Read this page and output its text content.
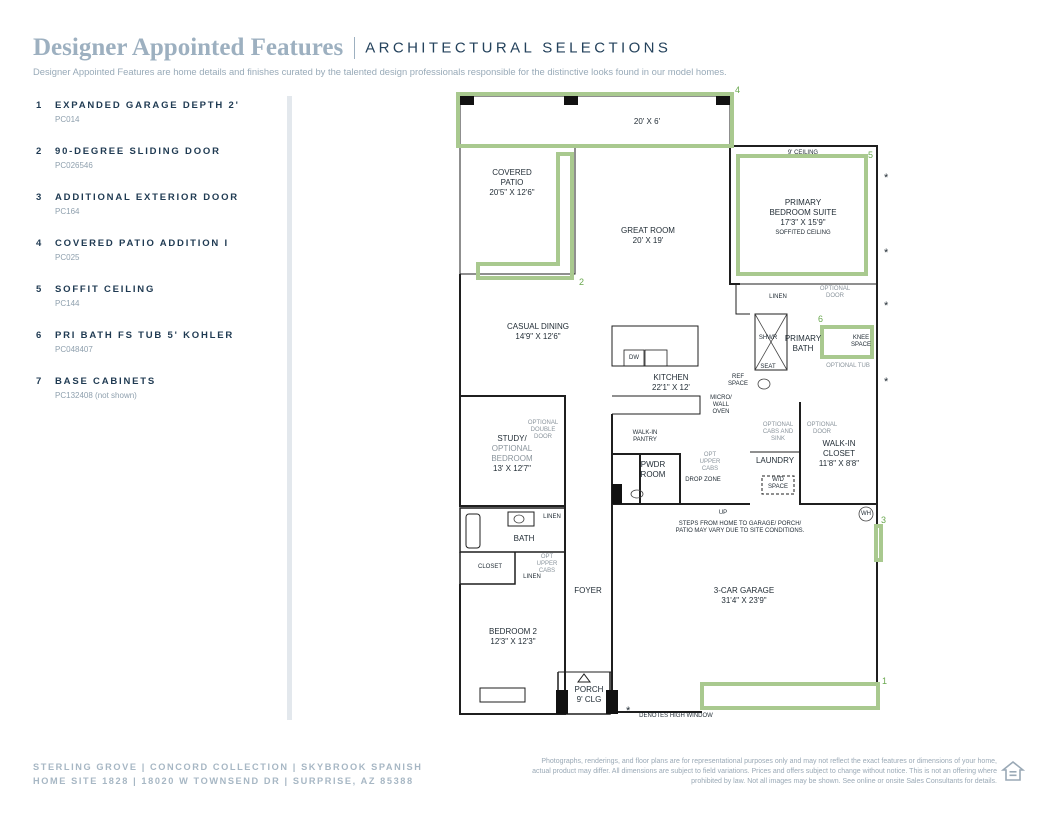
Designer Appointed Features ARCHITECTURAL SELECTIONS
Designer Appointed Features are home details and finishes curated by the talented design professionals responsible for the distinctive looks found in our model homes.
1	EXPANDED GARAGE DEPTH 2'
PC014
2	90-DEGREE SLIDING DOOR
PC026546
3	ADDITIONAL EXTERIOR DOOR
PC164
4	COVERED PATIO ADDITION I
PC025
5	SOFFIT CEILING
PC144
6	PRI BATH FS TUB 5' KOHLER
PC048407
7	BASE CABINETS
PC132408 (not shown)
20' X 6'
COVERED
PATIO
20'5" X 12'6"
GREAT ROOM
20' X 19'
9' CEILING
PRIMARY
BEDROOM SUITE
17'3" X 15'9"
SOFFITED CEILING
LINEN
OPTIONAL
DOOR
CASUAL DINING
14'9" X 12'6"
DW
SHWR
SEAT
PRIMARY
BATH
KNEE
SPACE
OPTIONAL TUB
KITCHEN
22'1" X 12'
REF
SPACE
MICRO/
WALL
OVEN
OPTIONAL
DOUBLE
DOOR
STUDY/
OPTIONAL
BEDROOM
13' X 12'7"
WALK-IN
PANTRY
OPTIONAL
CABS AND
SINK
OPTIONAL
DOOR
WALK-IN
CLOSET
11'8" X 8'8"
PWDR
ROOM
OPT
UPPER
CABS
DROP ZONE
LAUNDRY
W/D
SPACE
UP
STEPS FROM HOME TO GARAGE/ PORCH/
PATIO MAY VARY DUE TO SITE CONDITIONS.
WH
BATH
LINEN
CLOSET
OPT
UPPER
CABS
LINEN
3-CAR GARAGE
31'4" X 23'9"
FOYER
BEDROOM 2
12'3" X 12'3"
PORCH
9' CLG
DENOTES HIGH WINDOW
*
*
*
*
*
1
2
3
4
5
6
STERLING GROVE | CONCORD COLLECTION | SKYBROOK SPANISH
HOME SITE 1828 | 18020 W TOWNSEND DR | SURPRISE, AZ 85388
Photographs, renderings, and floor plans are for representational purposes only and may not reflect the exact features or dimensions of your home, actual product may differ. All dimensions are subject to field variations. Prices and offers subject to change without notice. This is not an offering where prohibited by law. Not all images may be shown. See online or onsite Sales Consultants for details.
